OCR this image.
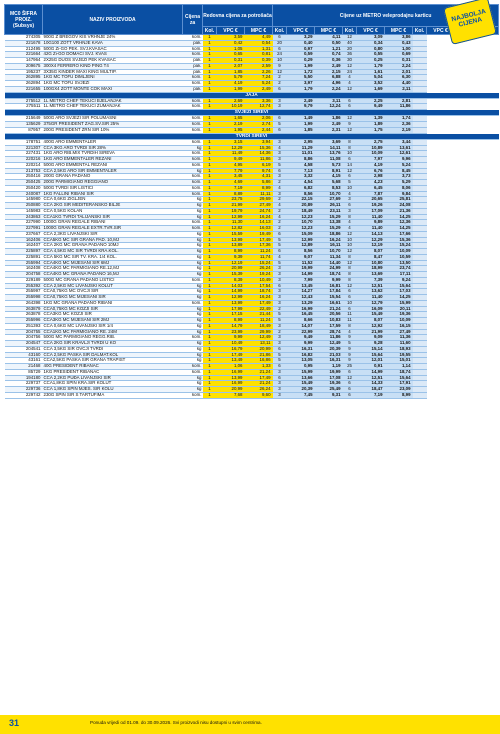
MC0 ŠIFRA PROIZ. (Subsys)	NAZIV PROIZVODA	Cijena za	Redovna cijena za potrošača			Cijene uz METRO veleprodajnu karticu									
			Kol.	VPC €	MPC €	Kol.	VPC €	MPC €	Kol.	VPC €	MPC €	Kol.	VPC €		
274305	900G Z BREGOV KIS VRHNJE 24%	kom.	1	3,59	4,49	6	3,29	4,11	12	3,09	3,86				
221678	10G100 ZOTT VRHNJE KAVA	pak.	1	0,42	0,54	20	0,40	0,50	40	0,34	0,43				
212495	500G Ži-GO PEK. SVJ.KVASAC	kom.	1	1,05	1,31	6	0,97	1,21	20	0,80	1,00				
221664	42G Ži-GO DOMAĆI SVJ. KVAS	kom.	1	0,65	0,81	24	0,59	0,74	36	0,55	0,69				
147964	2X25G DUOS SVJEŽI PEK KVASAC	pak.	1	0,31	0,39	10	0,29	0,36	30	0,25	0,31				
209675	300X4 FERRERO KIND PING T4	pak.	1	2,07	2,59	9	1,99	2,49	12	1,79	2,24				
195237	3X35G KINDER MAXI KING MULTIP.	pak.	1	1,85	2,26	12	1,72	2,15	24	1,61	2,01				
262895	1KG MC TOFU DIMLJENI	kom.	1	5,79	7,24	2	5,50	6,88	4	5,04	6,30				
262894	1KG MC TOFU SVJEŽI	kom.	1	4,19	5,24	2	3,97	4,96	4	3,52	4,40				
221655	100GX4 ZOTT MONTE ČOK MAXI	pak.	1	1,99	2,49	6	1,79	2,24	12	1,69	2,11				
JAJA															
275512	1L METRO CHEF TEKUĆI BJELANJAK	kom.	1	2,69	3,36	3	2,49	3,11	6	2,25	2,81				
275511	1L METRO CHEF TEKUĆI ŽUMANJAK	kom.	1	10,19	12,74	3	9,79	12,24	6	9,49	11,86				
SVJEŽI SIREVI															
215649	500G ARO SVJEŽI SIR POLUMASNI	kom.	1	1,65	2,06	6	1,49	1,86	12	1,39	1,74				
135629	375GR PRESIDENT ZAG.SV.SIR 25%	kom.	1	2,19	2,74	5	1,99	2,49	9	1,89	2,36				
87957	200G PRESIDENT ZRN SIR 10%	kom.	1	1,95	2,44	6	1,85	2,31	12	1,75	2,19				
TVRDI SIREVI															
178751	400G ARO EMMENTALER	kom.	1	3,15	3,94	3	2,95	3,69	8	2,75	3,44				
221307	CCA 3KG ARO TVRDI SIR 28%	kg	1	12,29	15,36	4	11,29	14,11	8	10,89	13,61				
227431	1KG ARO RIB.MIX TVRDIH SIREVA	kom.	1	11,49	14,36	3	11,01	13,76	10	10,09	12,61				
220216	1KG ARO EMMENTALER REZANI	kom.	1	9,49	11,86	3	8,86	11,08	6	7,97	9,96				
220214	500G ARO EMMENTAL REZANI	kom.	1	4,95	6,19	5	4,58	5,73	14	4,19	5,24				
213753	CCA 2,5KG ARO SIR EMMENTALER	kg	1	7,79	9,74	6	7,13	8,91	12	6,76	8,45				
250416	200G GRANA PADANO	kom.	1	3,45	4,31	3	3,32	4,15	6	2,98	3,73				
250425	200G PARMIGIANO REGGIANO	kom.	1	4,69	5,86	2	4,54	5,68	5	4,23	5,29				
250420	500G TVRDI SIR LISTIĆI	kom.	1	7,19	8,99	4	6,82	8,53	10	6,45	8,06				
240087	1KG FALLINI RIBANI SIR	kom.	1	8,89	11,11	3	8,56	10,70	4	7,87	9,84				
145980	CCA 0,6KG ŽIGLJEN	kg	1	23,75	29,69	2	22,15	27,69	3	20,65	25,81				
250880	CCA 2KG SIR MEDITERANSKO BILJE	kg	1	21,99	27,49	4	20,89	26,11	6	19,26	24,08				
145983	CCA 0,5KG KOLAN	kg	1	19,79	24,74	2	18,49	23,11	3	17,09	21,36				
243863	CCA1KG TVRDI TALIJANSKI SIR	kg	1	12,99	16,24	4	12,23	15,29	8	11,40	14,25				
227990	1000G GRAN REGALE RIBANI	kom.	1	11,30	14,13	2	10,70	13,38	4	9,89	12,36				
227991	1000G GRAN REGALE EXTR.TVR.SIR	kom.	1	12,82	16,03	2	12,23	15,29	4	11,40	14,25				
237667	CCA 2,3KG LIVANJSKI SIR	kg	1	15,59	19,49	6	15,09	18,86	12	14,13	17,66				
162406	CCA5KG MC SIR GRANA PAD. 10,MJ	kg	1	13,99	17,49	5	12,99	16,24	10	12,29	15,36				
162407	CCA 2KG MC GRANA PADANO 10MJ	kg	1	13,89	17,36	5	12,89	16,11	10	12,19	15,24				
225897	CCA 4,5KG MC SIR TVRDI KRA.KOL.	kg	1	8,99	11,24	6	8,56	10,70	12	8,07	10,09				
225891	CCA 5KG MC SIR TV. KRA. 1/4 KOL.	kg	1	9,39	11,74	4	9,07	11,34	8	8,47	10,59				
255994	CCA4KG MC MIJEŠANI SIR 6MJ	kg	1	12,19	15,24	5	11,52	14,40	12	10,80	13,50				
162408	CCA4KG MC PARMIGIANO RE.12,MJ	kg	1	20,99	26,24	3	19,99	24,99	8	18,99	23,74				
204758	CCA4KG MC GRANA PADANO 16,MJ	kg	1	15,39	19,24	3	14,99	18,74	8	13,69	17,11				
229189	500G MC GRANA PADANO LISTIĆI	kom.	1	8,39	10,49	3	7,99	9,99	8	7,39	9,24				
255392	CCA 2,5KG MC LIVANJSKI KOLUT	kg	1	14,03	17,54	6	13,45	16,81	12	12,51	15,64				
255997	CCA0,75KG MC OVČJI SIR	kg	1	14,99	18,74	3	14,27	17,84	6	13,62	17,03				
255998	CCA0,75KG MC MIJEŠANI SIR	kg	1	12,99	16,24	3	12,43	15,54	6	11,40	14,25				
264398	1KG MC GRANA PADANO RIBANI	kom.	1	13,99	17,49	3	13,29	16,61	10	12,79	15,99				
263879	CCA0,75KG MC KOZJI SIR	kg	1	17,99	22,49	2	16,99	21,24	6	16,09	20,11				
263878	CCA3KG MC KOZJI SIR	kg	1	17,15	21,44	5	16,45	20,56	11	15,49	19,36				
255996	CCA3KG MC MIJEŠANI SIR 2MJ	kg	1	8,99	11,24	5	8,66	10,83	11	8,07	10,09				
251393	CCA 0,6KG MC LIVANJSKI SIR 1/4	kg	1	14,79	18,49	3	14,07	17,59	8	12,92	16,15				
204755	CCA1KG MC PARMIGIANO RE. 24M	kg	1	23,99	29,99	2	22,99	28,74	4	21,99	27,49				
204756	500G MC PARMIGIANO REGG.RIB.	kom.	1	9,99	12,49	3	9,49	11,86	9	9,09	11,36				
204547	CCA 2KG SIR KRAVLJI TVRDI U KO	kg	1	10,49	13,11	3	9,99	12,49	5	9,28	11,60				
204541	CCA 3,5KG SIR OVČJI TVRDI	kg	1	16,79	20,99	6	16,31	20,39	9	15,14	18,93				
43160	CCA 2,5KG PAŠKA SIR DALMAT.KOL	kg	1	17,49	21,86	5	16,82	21,03	9	15,64	19,55				
43161	CCA2,5KG PAŠKA SIR GRANA TRAPIST	kg	1	13,49	16,86	5	13,05	16,31	9	12,01	15,01				
21468	40G PRESIDENT RIBANAC	kom.	1	1,06	1,33	6	0,95	1,19	25	0,91	1,14				
85729	1KG PRESIDENT RIBANAC	kom.	1	16,99	21,24	3	15,99	19,99	6	14,99	18,74				
194180	CCA 2,2KG PUĐA LIVANJSKI SIR	kg	1	13,99	17,49	6	13,66	17,08	12	12,51	15,64				
229737	CCA1,8KG ŠPIN KRA.SIR KOLUT	kg	1	16,99	21,24	3	15,49	19,36	6	14,33	17,91				
229736	CCA 1,8KG ŠPIN MJEŠ. SIR KOLU	kg	1	20,99	26,24	3	20,39	25,49	6	18,47	23,09				
229742	230G ŠPIN SIR S TARTUFIMA	kom.	1	7,68	9,60	3	7,45	9,31	6	7,19	8,99				
NAJBOLJA CIJENA
31	Ponuda vrijedi od 01.09. do 30.09.2026. Svi proizvodi nisu dostupni u svim centrima.
